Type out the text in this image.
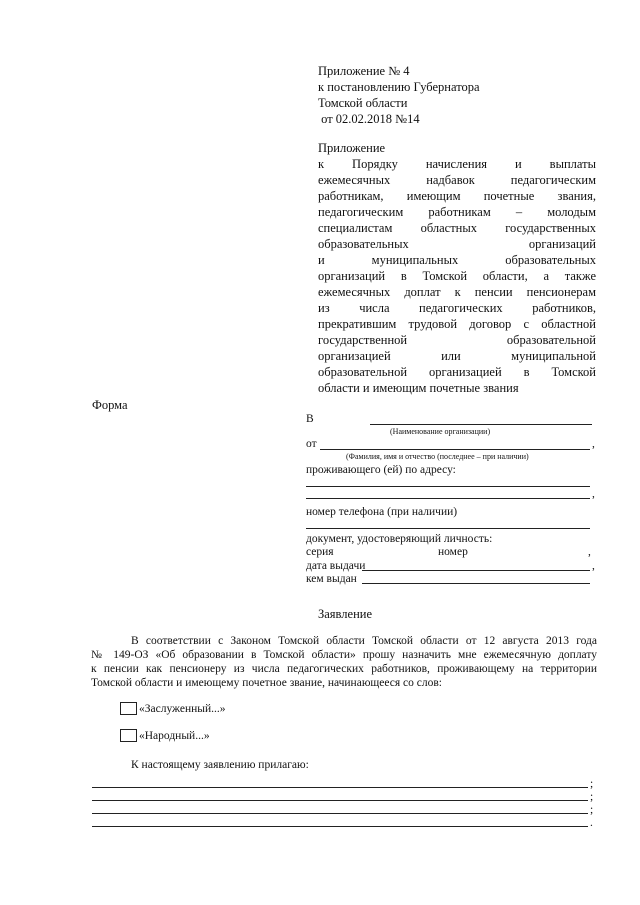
Приложение № 4
к постановлению Губернатора
Томской области
от 02.02.2018 №14
Приложение
к Порядку начисления и выплаты
ежемесячных надбавок педагогическим
работникам, имеющим почетные звания,
педагогическим работникам – молодым
специалистам областных государственных
образовательных организаций
и муниципальных образовательных
организаций в Томской области, а также
ежемесячных доплат к пенсии пенсионерам
из числа педагогических работников,
прекратившим трудовой договор с областной
государственной образовательной
организацией или муниципальной
образовательной организацией в Томской
области и имеющим почетные звания
Форма
В
(Наименование организации)
от	,
(Фамилия, имя и отчество (последнее – при наличии)
проживающего (ей) по адресу:
,
номер телефона (при наличии)
документ, удостоверяющий личность:
серия	номер	,
дата выдачи	,
кем выдан
Заявление
В соответствии с Законом Томской области Томской области от 12 августа 2013 года
№ 149-ОЗ «Об образовании в Томской области» прошу назначить мне ежемесячную доплату
к пенсии как пенсионеру из числа педагогических работников, проживающему на территории
Томской области и имеющему почетное звание, начинающееся со слов:
«Заслуженный...»
«Народный...»
К настоящему заявлению прилагаю:
;
;
;
.
